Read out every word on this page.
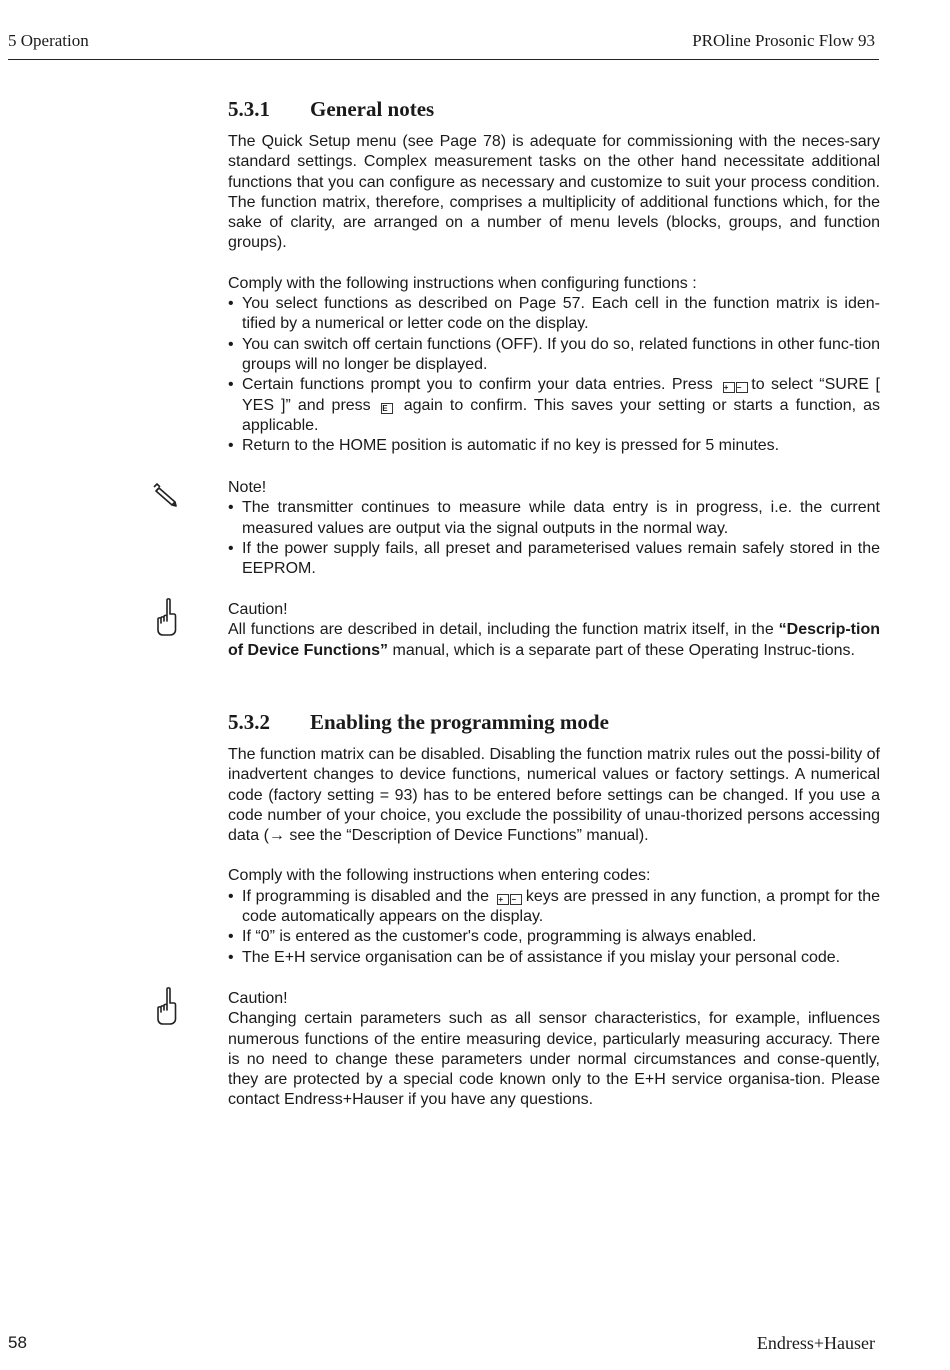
5 Operation	PROline Prosonic Flow 93
5.3.1 General notes

The Quick Setup menu (see Page 78) is adequate for commissioning with the neces-sary standard settings. Complex measurement tasks on the other hand necessitate additional functions that you can configure as necessary and customize to suit your process condition. The function matrix, therefore, comprises a multiplicity of additional functions which, for the sake of clarity, are arranged on a number of menu levels (blocks, groups, and function groups).

Comply with the following instructions when configuring functions :

• You select functions as described on Page 57. Each cell in the function matrix is iden-tified by a numerical or letter code on the display.
• You can switch off certain functions (OFF). If you do so, related functions in other func-tion groups will no longer be displayed.
• Certain functions prompt you to confirm your data entries. Press + − to select “SURE [ YES ]” and press E again to confirm. This saves your setting or starts a function, as applicable.
• Return to the HOME position is automatic if no key is pressed for 5 minutes.

Note!

• The transmitter continues to measure while data entry is in progress, i.e. the current measured values are output via the signal outputs in the normal way.
• If the power supply fails, all preset and parameterised values remain safely stored in the EEPROM.

Caution!

All functions are described in detail, including the function matrix itself, in the “Descrip-tion of Device Functions” manual, which is a separate part of these Operating Instruc-tions.

5.3.2 Enabling the programming mode

The function matrix can be disabled. Disabling the function matrix rules out the possi-bility of inadvertent changes to device functions, numerical values or factory settings. A numerical code (factory setting = 93) has to be entered before settings can be changed. If you use a code number of your choice, you exclude the possibility of unau-thorized persons accessing data (→ see the “Description of Device Functions” manual).

Comply with the following instructions when entering codes:

• If programming is disabled and the + − keys are pressed in any function, a prompt for the code automatically appears on the display.
• If “0” is entered as the customer's code, programming is always enabled.
• The E+H service organisation can be of assistance if you mislay your personal code.

Caution!

Changing certain parameters such as all sensor characteristics, for example, influences numerous functions of the entire measuring device, particularly measuring accuracy. There is no need to change these parameters under normal circumstances and conse-quently, they are protected by a special code known only to the E+H service organisa-tion. Please contact Endress+Hauser if you have any questions.

58	Endress+Hauser
